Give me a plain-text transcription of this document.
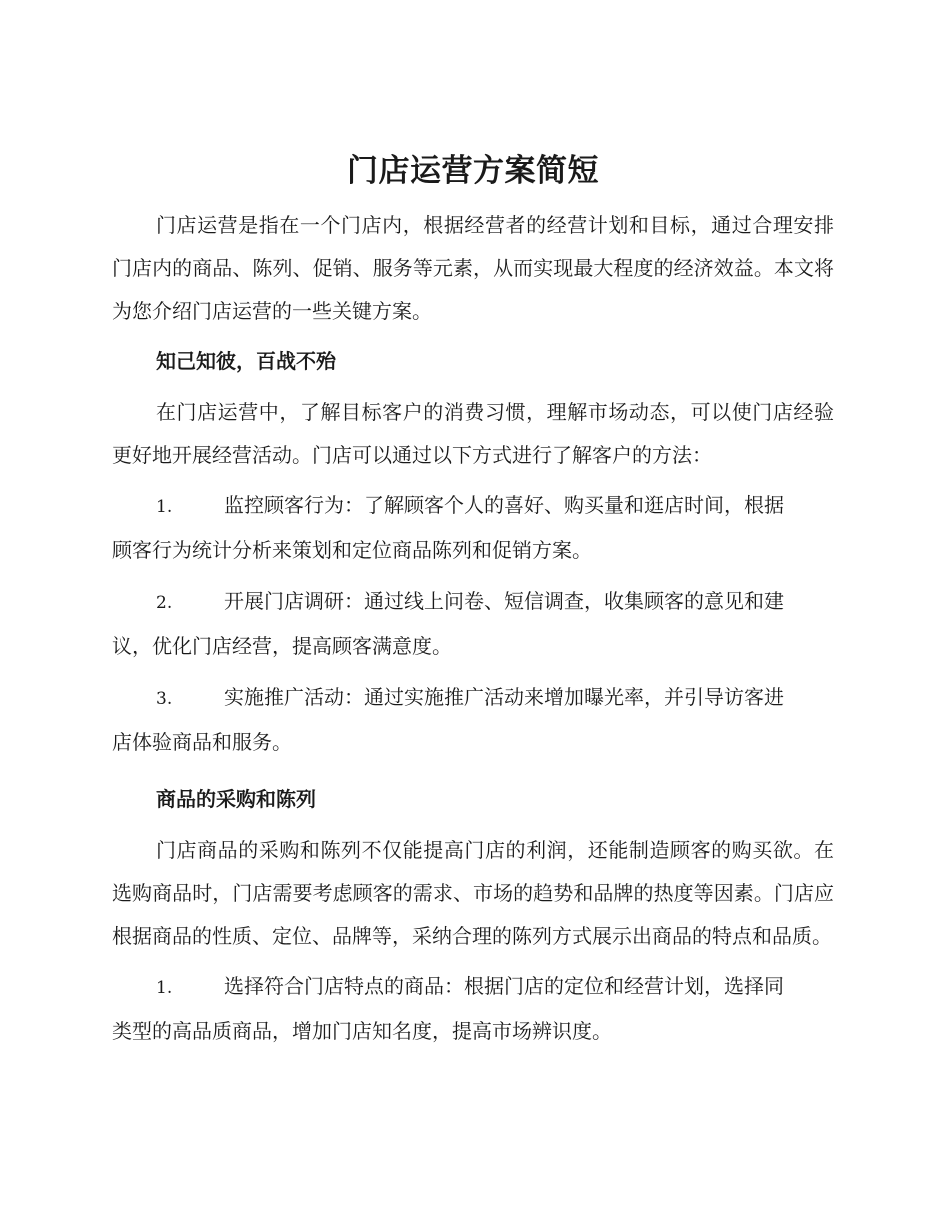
门店运营方案简短

门店运营是指在一个门店内，根据经营者的经营计划和目标，通过合理安排门店内的商品、陈列、促销、服务等元素，从而实现最大程度的经济效益。本文将为您介绍门店运营的一些关键方案。

知己知彼，百战不殆

在门店运营中，了解目标客户的消费习惯，理解市场动态，可以使门店经验更好地开展经营活动。门店可以通过以下方式进行了解客户的方法：

1.	监控顾客行为：了解顾客个人的喜好、购买量和逛店时间，根据
顾客行为统计分析来策划和定位商品陈列和促销方案。

2.	开展门店调研：通过线上问卷、短信调查，收集顾客的意见和建
议，优化门店经营，提高顾客满意度。

3.	实施推广活动：通过实施推广活动来增加曝光率，并引导访客进
店体验商品和服务。

商品的采购和陈列

门店商品的采购和陈列不仅能提高门店的利润，还能制造顾客的购买欲。在选购商品时，门店需要考虑顾客的需求、市场的趋势和品牌的热度等因素。门店应根据商品的性质、定位、品牌等，采纳合理的陈列方式展示出商品的特点和品质。

1.	选择符合门店特点的商品：根据门店的定位和经营计划，选择同
类型的高品质商品，增加门店知名度，提高市场辨识度。
